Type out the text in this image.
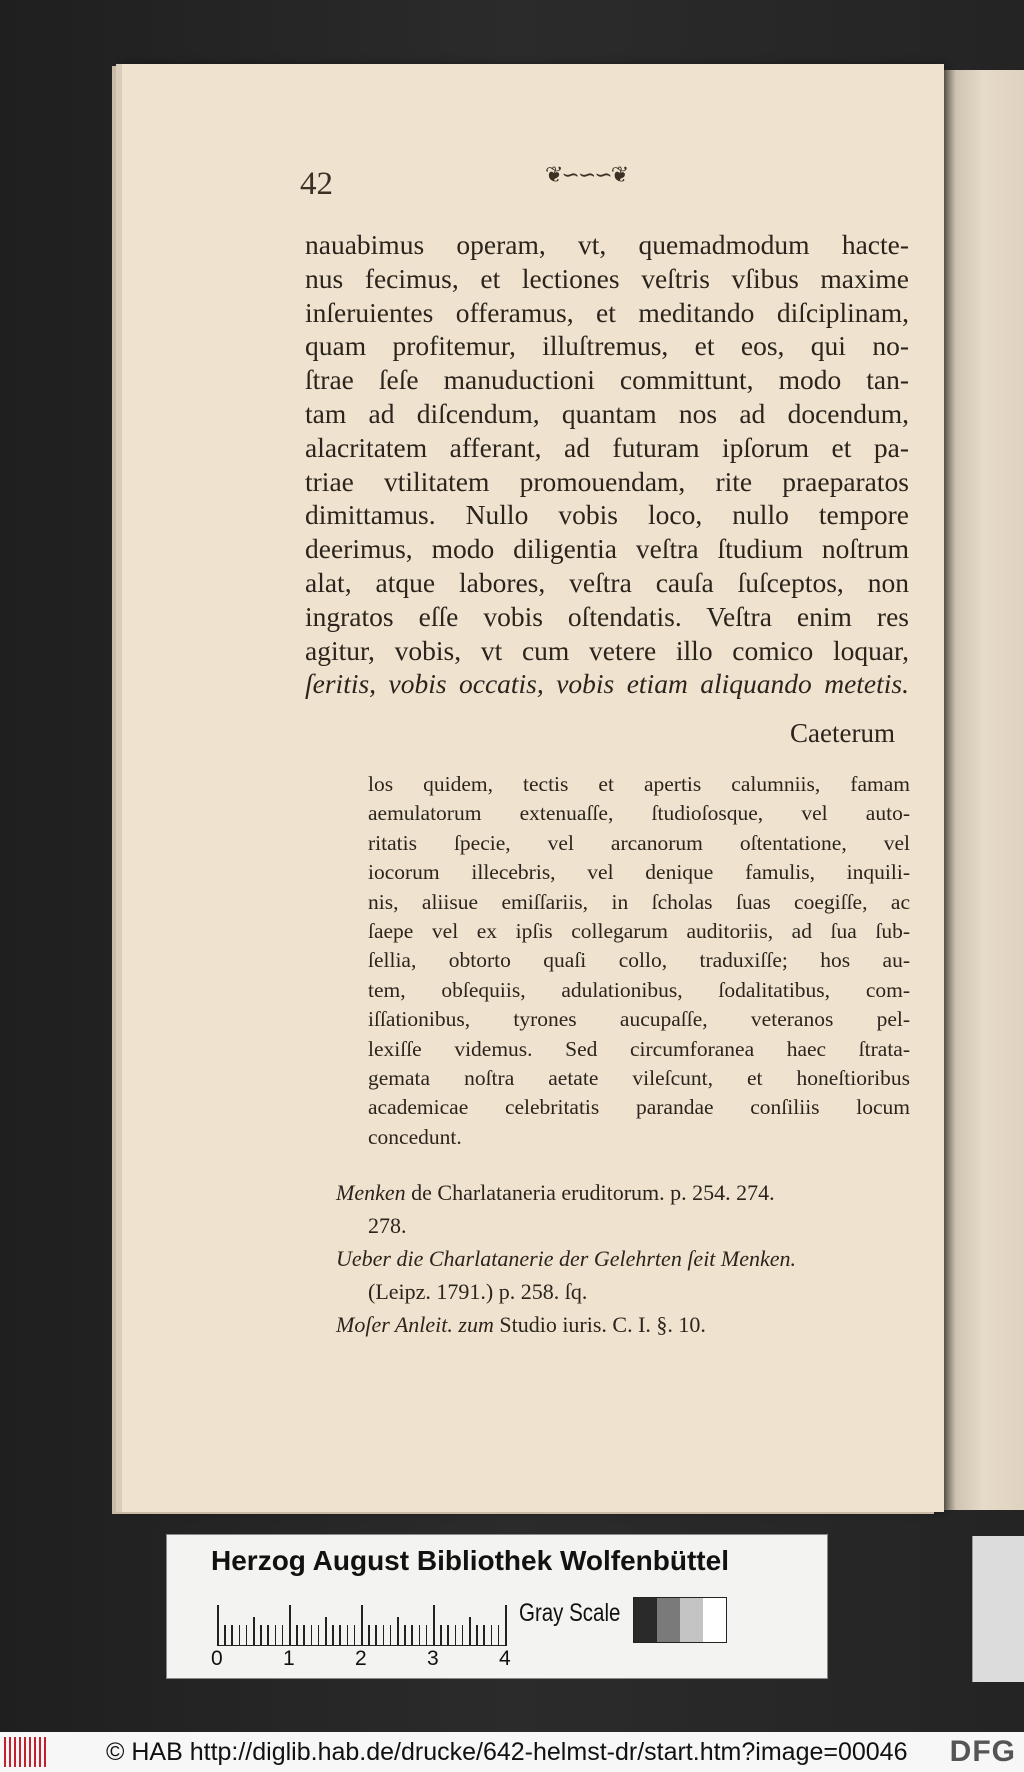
42	❦∽∽∽❦
nauabimus operam, vt, quemadmodum hacte-
nus fecimus, et lectiones veſtris vſibus maxime
inſeruientes offeramus, et meditando diſciplinam,
quam profitemur, illuſtremus, et eos, qui no-
ſtrae ſeſe manuductioni committunt, modo tan-
tam ad diſcendum, quantam nos ad docendum,
alacritatem afferant, ad futuram ipſorum et pa-
triae vtilitatem promouendam, rite praeparatos
dimittamus. Nullo vobis loco, nullo tempore
deerimus, modo diligentia veſtra ſtudium noſtrum
alat, atque labores, veſtra cauſa ſuſceptos, non
ingratos eſſe vobis oſtendatis. Veſtra enim res
agitur, vobis, vt cum vetere illo comico loquar,
ſeritis, vobis occatis, vobis etiam aliquando metetis.
Caeterum
los quidem, tectis et apertis calumniis, famam
aemulatorum extenuaſſe, ſtudioſosque, vel auto-
ritatis ſpecie, vel arcanorum oſtentatione, vel
iocorum illecebris, vel denique famulis, inquili-
nis, aliisue emiſſariis, in ſcholas ſuas coegiſſe, ac
ſaepe vel ex ipſis collegarum auditoriis, ad ſua ſub-
ſellia, obtorto quaſi collo, traduxiſſe; hos au-
tem, obſequiis, adulationibus, ſodalitatibus, com-
iſſationibus, tyrones aucupaſſe, veteranos pel-
lexiſſe videmus. Sed circumforanea haec ſtrata-
gemata noſtra aetate vileſcunt, et honeſtioribus
academicae celebritatis parandae conſiliis locum
concedunt.
Menken de Charlataneria eruditorum. p. 254. 274.
278.
Ueber die Charlatanerie der Gelehrten ſeit Menken.
(Leipz. 1791.) p. 258. ſq.
Moſer Anleit. zum Studio iuris. C. I. §. 10.
Herzog August Bibliothek Wolfenbüttel
0	1	2	3	4
Gray Scale
© HAB http://diglib.hab.de/drucke/642-helmst-dr/start.htm?image=00046 DFG
